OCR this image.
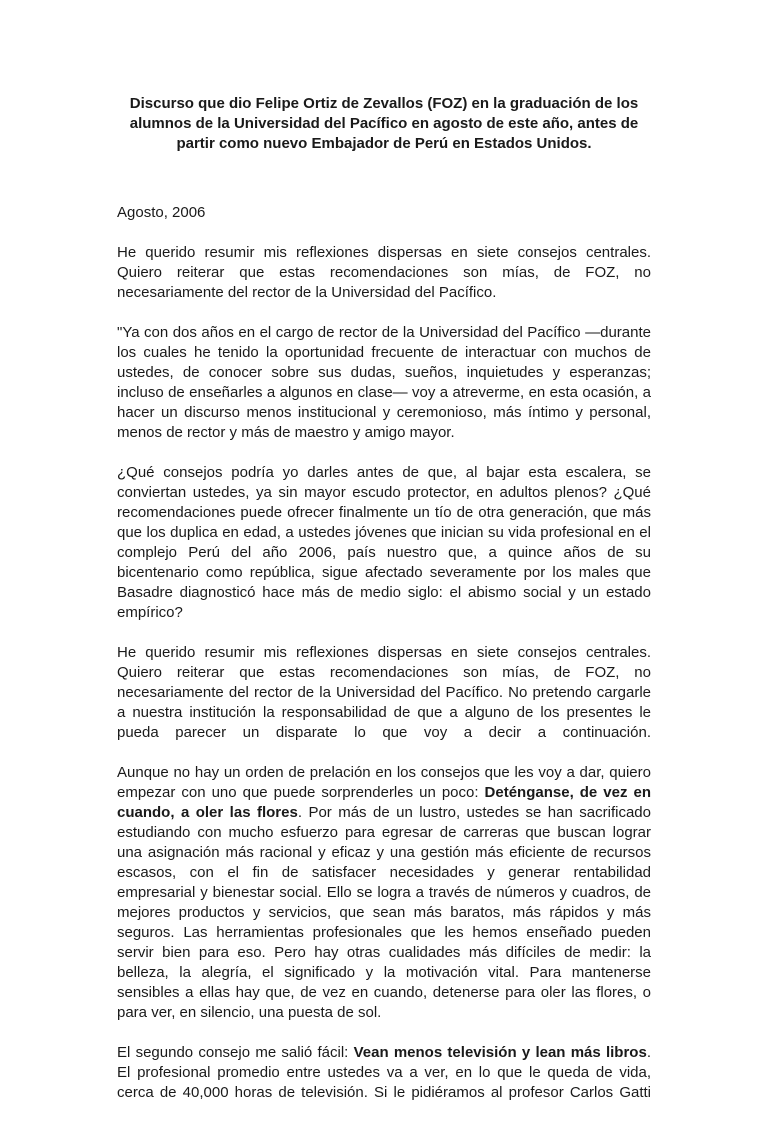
Discurso que dio Felipe Ortiz de Zevallos (FOZ) en la graduación de los
alumnos de la Universidad del Pacífico en agosto de este año, antes de
partir como nuevo Embajador de Perú en Estados Unidos.
Agosto, 2006
He querido resumir mis reflexiones dispersas en siete consejos centrales.
Quiero reiterar que estas recomendaciones son mías, de FOZ, no
necesariamente del rector de la Universidad del Pacífico.
"Ya con dos años en el cargo de rector de la Universidad del Pacífico —durante
los cuales he tenido la oportunidad frecuente de interactuar con muchos de
ustedes, de conocer sobre sus dudas, sueños, inquietudes y esperanzas;
incluso de enseñarles a algunos en clase— voy a atreverme, en esta ocasión, a
hacer un discurso menos institucional y ceremonioso, más íntimo y personal,
menos de rector y más de maestro y amigo mayor.
¿Qué consejos podría yo darles antes de que, al bajar esta escalera, se
conviertan ustedes, ya sin mayor escudo protector, en adultos plenos? ¿Qué
recomendaciones puede ofrecer finalmente un tío de otra generación, que más
que los duplica en edad, a ustedes jóvenes que inician su vida profesional en el
complejo Perú del año 2006, país nuestro que, a quince años de su
bicentenario como república, sigue afectado severamente por los males que
Basadre diagnosticó hace más de medio siglo: el abismo social y un estado
empírico?
He querido resumir mis reflexiones dispersas en siete consejos centrales.
Quiero reiterar que estas recomendaciones son mías, de FOZ, no
necesariamente del rector de la Universidad del Pacífico. No pretendo cargarle
a nuestra institución la responsabilidad de que a alguno de los presentes le
pueda parecer un disparate lo que voy a decir a continuación.
Aunque no hay un orden de prelación en los consejos que les voy a dar, quiero
empezar con uno que puede sorprenderles un poco: Deténganse, de vez en
cuando, a oler las flores. Por más de un lustro, ustedes se han sacrificado
estudiando con mucho esfuerzo para egresar de carreras que buscan lograr
una asignación más racional y eficaz y una gestión más eficiente de recursos
escasos, con el fin de satisfacer necesidades y generar rentabilidad
empresarial y bienestar social. Ello se logra a través de números y cuadros, de
mejores productos y servicios, que sean más baratos, más rápidos y más
seguros. Las herramientas profesionales que les hemos enseñado pueden
servir bien para eso. Pero hay otras cualidades más difíciles de medir: la
belleza, la alegría, el significado y la motivación vital. Para mantenerse
sensibles a ellas hay que, de vez en cuando, detenerse para oler las flores, o
para ver, en silencio, una puesta de sol.
El segundo consejo me salió fácil: Vean menos televisión y lean más libros.
El profesional promedio entre ustedes va a ver, en lo que le queda de vida,
cerca de 40,000 horas de televisión. Si le pidiéramos al profesor Carlos Gatti
